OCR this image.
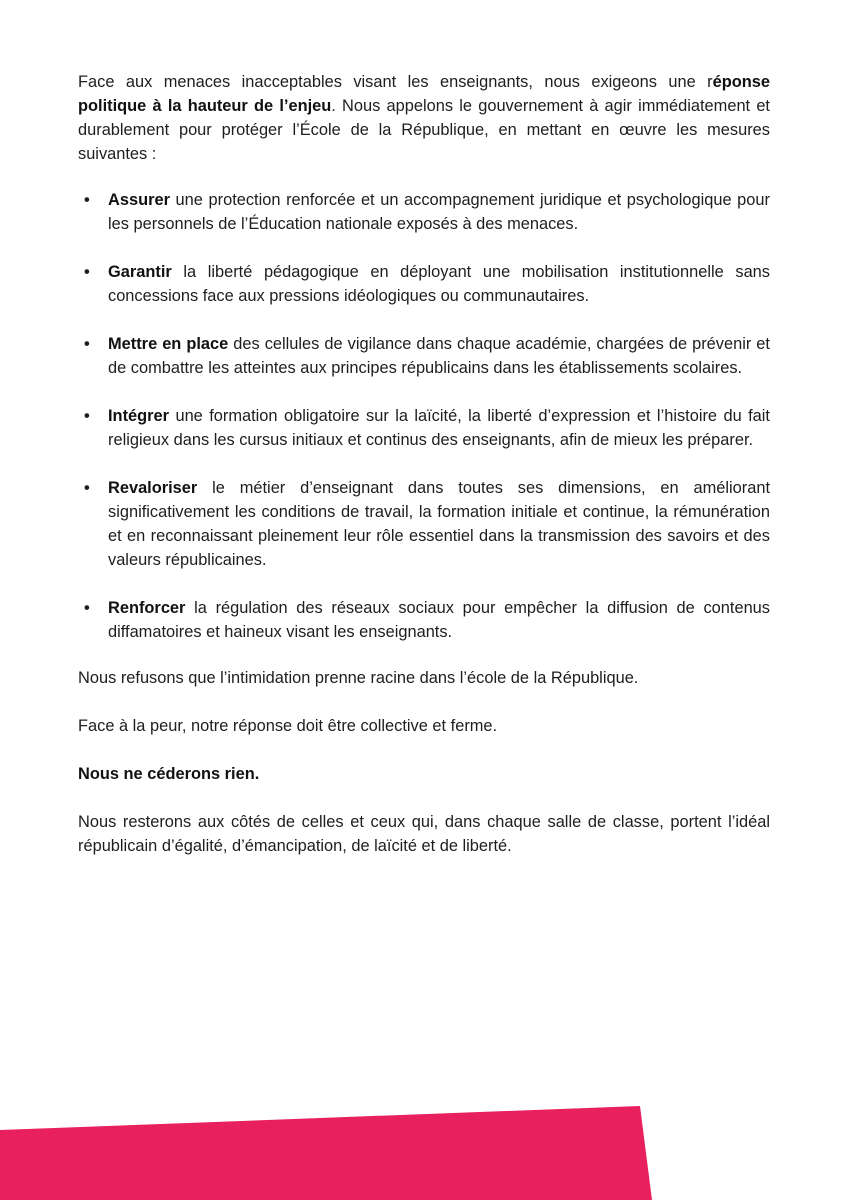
Face aux menaces inacceptables visant les enseignants, nous exigeons une réponse politique à la hauteur de l’enjeu. Nous appelons le gouvernement à agir immédiatement et durablement pour protéger l’École de la République, en mettant en œuvre les mesures suivantes :

• Assurer une protection renforcée et un accompagnement juridique et psychologique pour les personnels de l’Éducation nationale exposés à des menaces.
• Garantir la liberté pédagogique en déployant une mobilisation institutionnelle sans concessions face aux pressions idéologiques ou communautaires.
• Mettre en place des cellules de vigilance dans chaque académie, chargées de prévenir et de combattre les atteintes aux principes républicains dans les établissements scolaires.
• Intégrer une formation obligatoire sur la laïcité, la liberté d’expression et l’histoire du fait religieux dans les cursus initiaux et continus des enseignants, afin de mieux les préparer.
• Revaloriser le métier d’enseignant dans toutes ses dimensions, en améliorant significativement les conditions de travail, la formation initiale et continue, la rémunération et en reconnaissant pleinement leur rôle essentiel dans la transmission des savoirs et des valeurs républicaines.
• Renforcer la régulation des réseaux sociaux pour empêcher la diffusion de contenus diffamatoires et haineux visant les enseignants.

Nous refusons que l’intimidation prenne racine dans l’école de la République.

Face à la peur, notre réponse doit être collective et ferme.

Nous ne céderons rien.

Nous resterons aux côtés de celles et ceux qui, dans chaque salle de classe, portent l’idéal républicain d’égalité, d’émancipation, de laïcité et de liberté.
